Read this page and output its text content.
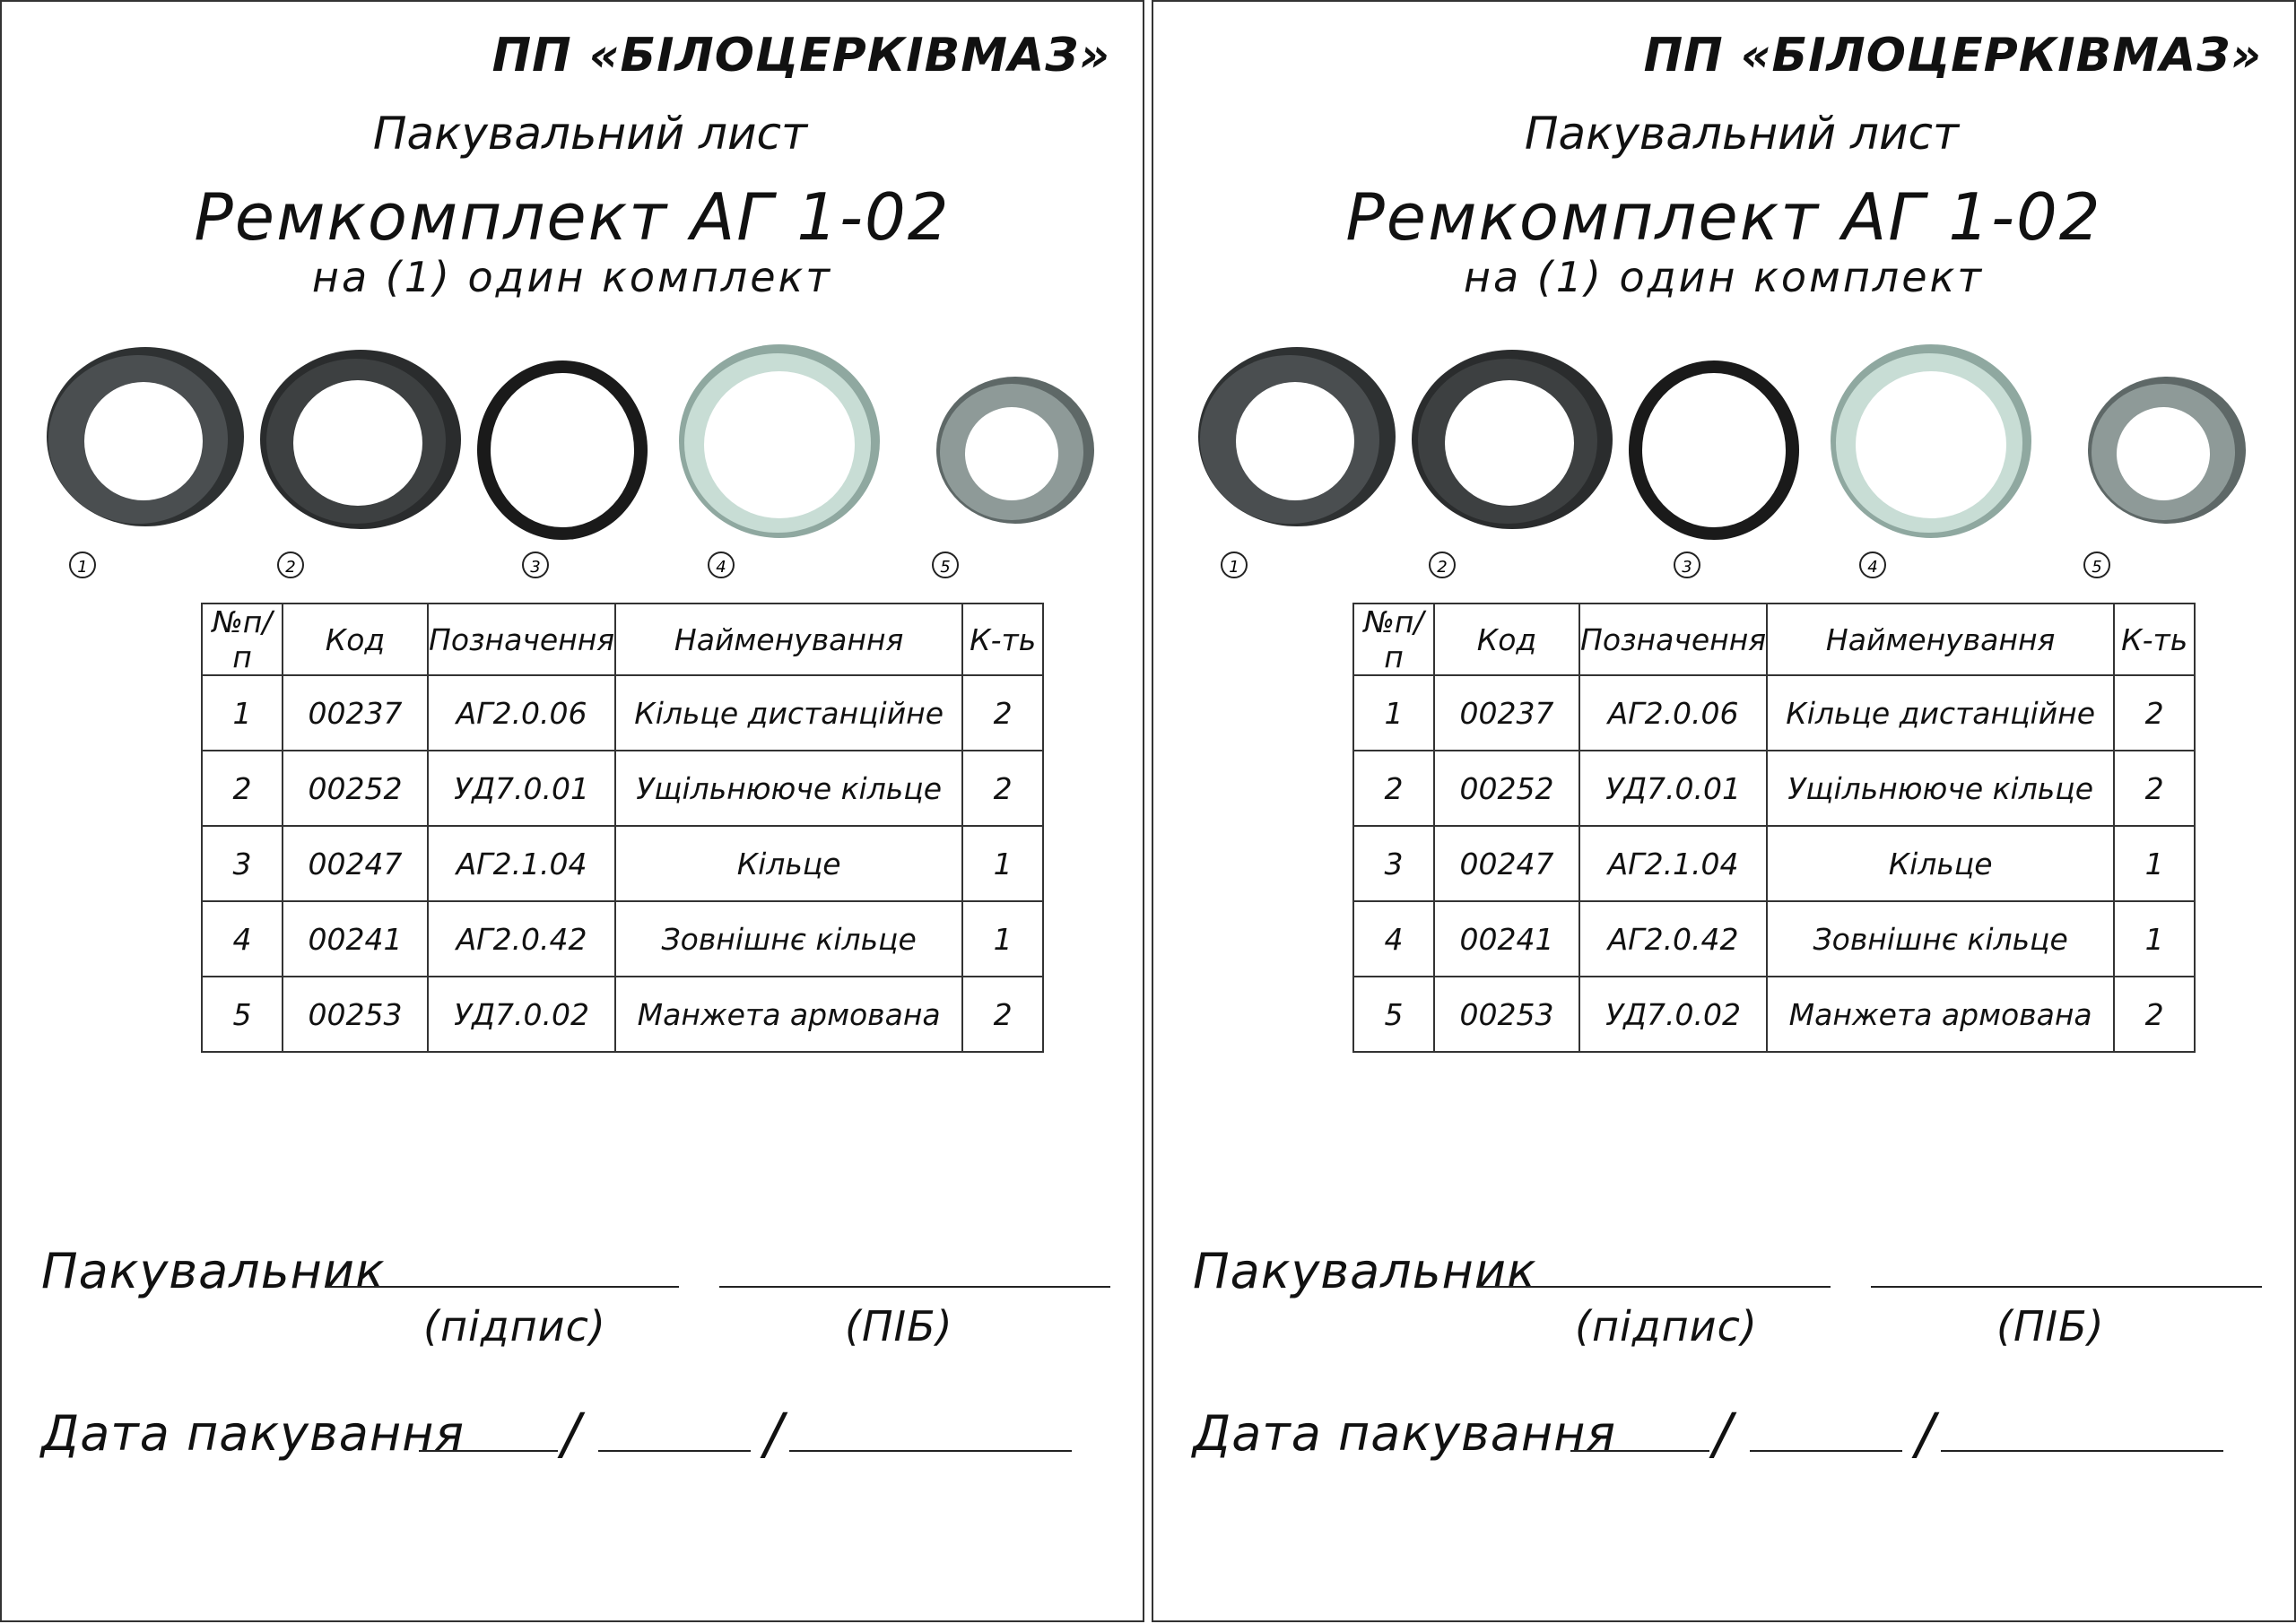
ПП «БІЛОЦЕРКІВМАЗ»
Пакувальний лист
Ремкомплект АГ 1-02
на (1) один комплект
1	2	3	4	5
№п/п	Код	Позначення	Найменування	К-ть
1	00237	АГ2.0.06	Кільце дистанційне	2
2	00252	УД7.0.01	Ущільнююче кільце	2
3	00247	АГ2.1.04	Кільце	1
4	00241	АГ2.0.42	Зовнішнє кільце	1
5	00253	УД7.0.02	Манжета армована	2
Пакувальник
(підпис)	(ПІБ)
Дата пакування /	/
ПП «БІЛОЦЕРКІВМАЗ»
Пакувальний лист
Ремкомплект АГ 1-02
на (1) один комплект
1	2	3	4	5
№п/п	Код	Позначення	Найменування	К-ть
1	00237	АГ2.0.06	Кільце дистанційне	2
2	00252	УД7.0.01	Ущільнююче кільце	2
3	00247	АГ2.1.04	Кільце	1
4	00241	АГ2.0.42	Зовнішнє кільце	1
5	00253	УД7.0.02	Манжета армована	2
Пакувальник
(підпис)	(ПІБ)
Дата пакування /	/
